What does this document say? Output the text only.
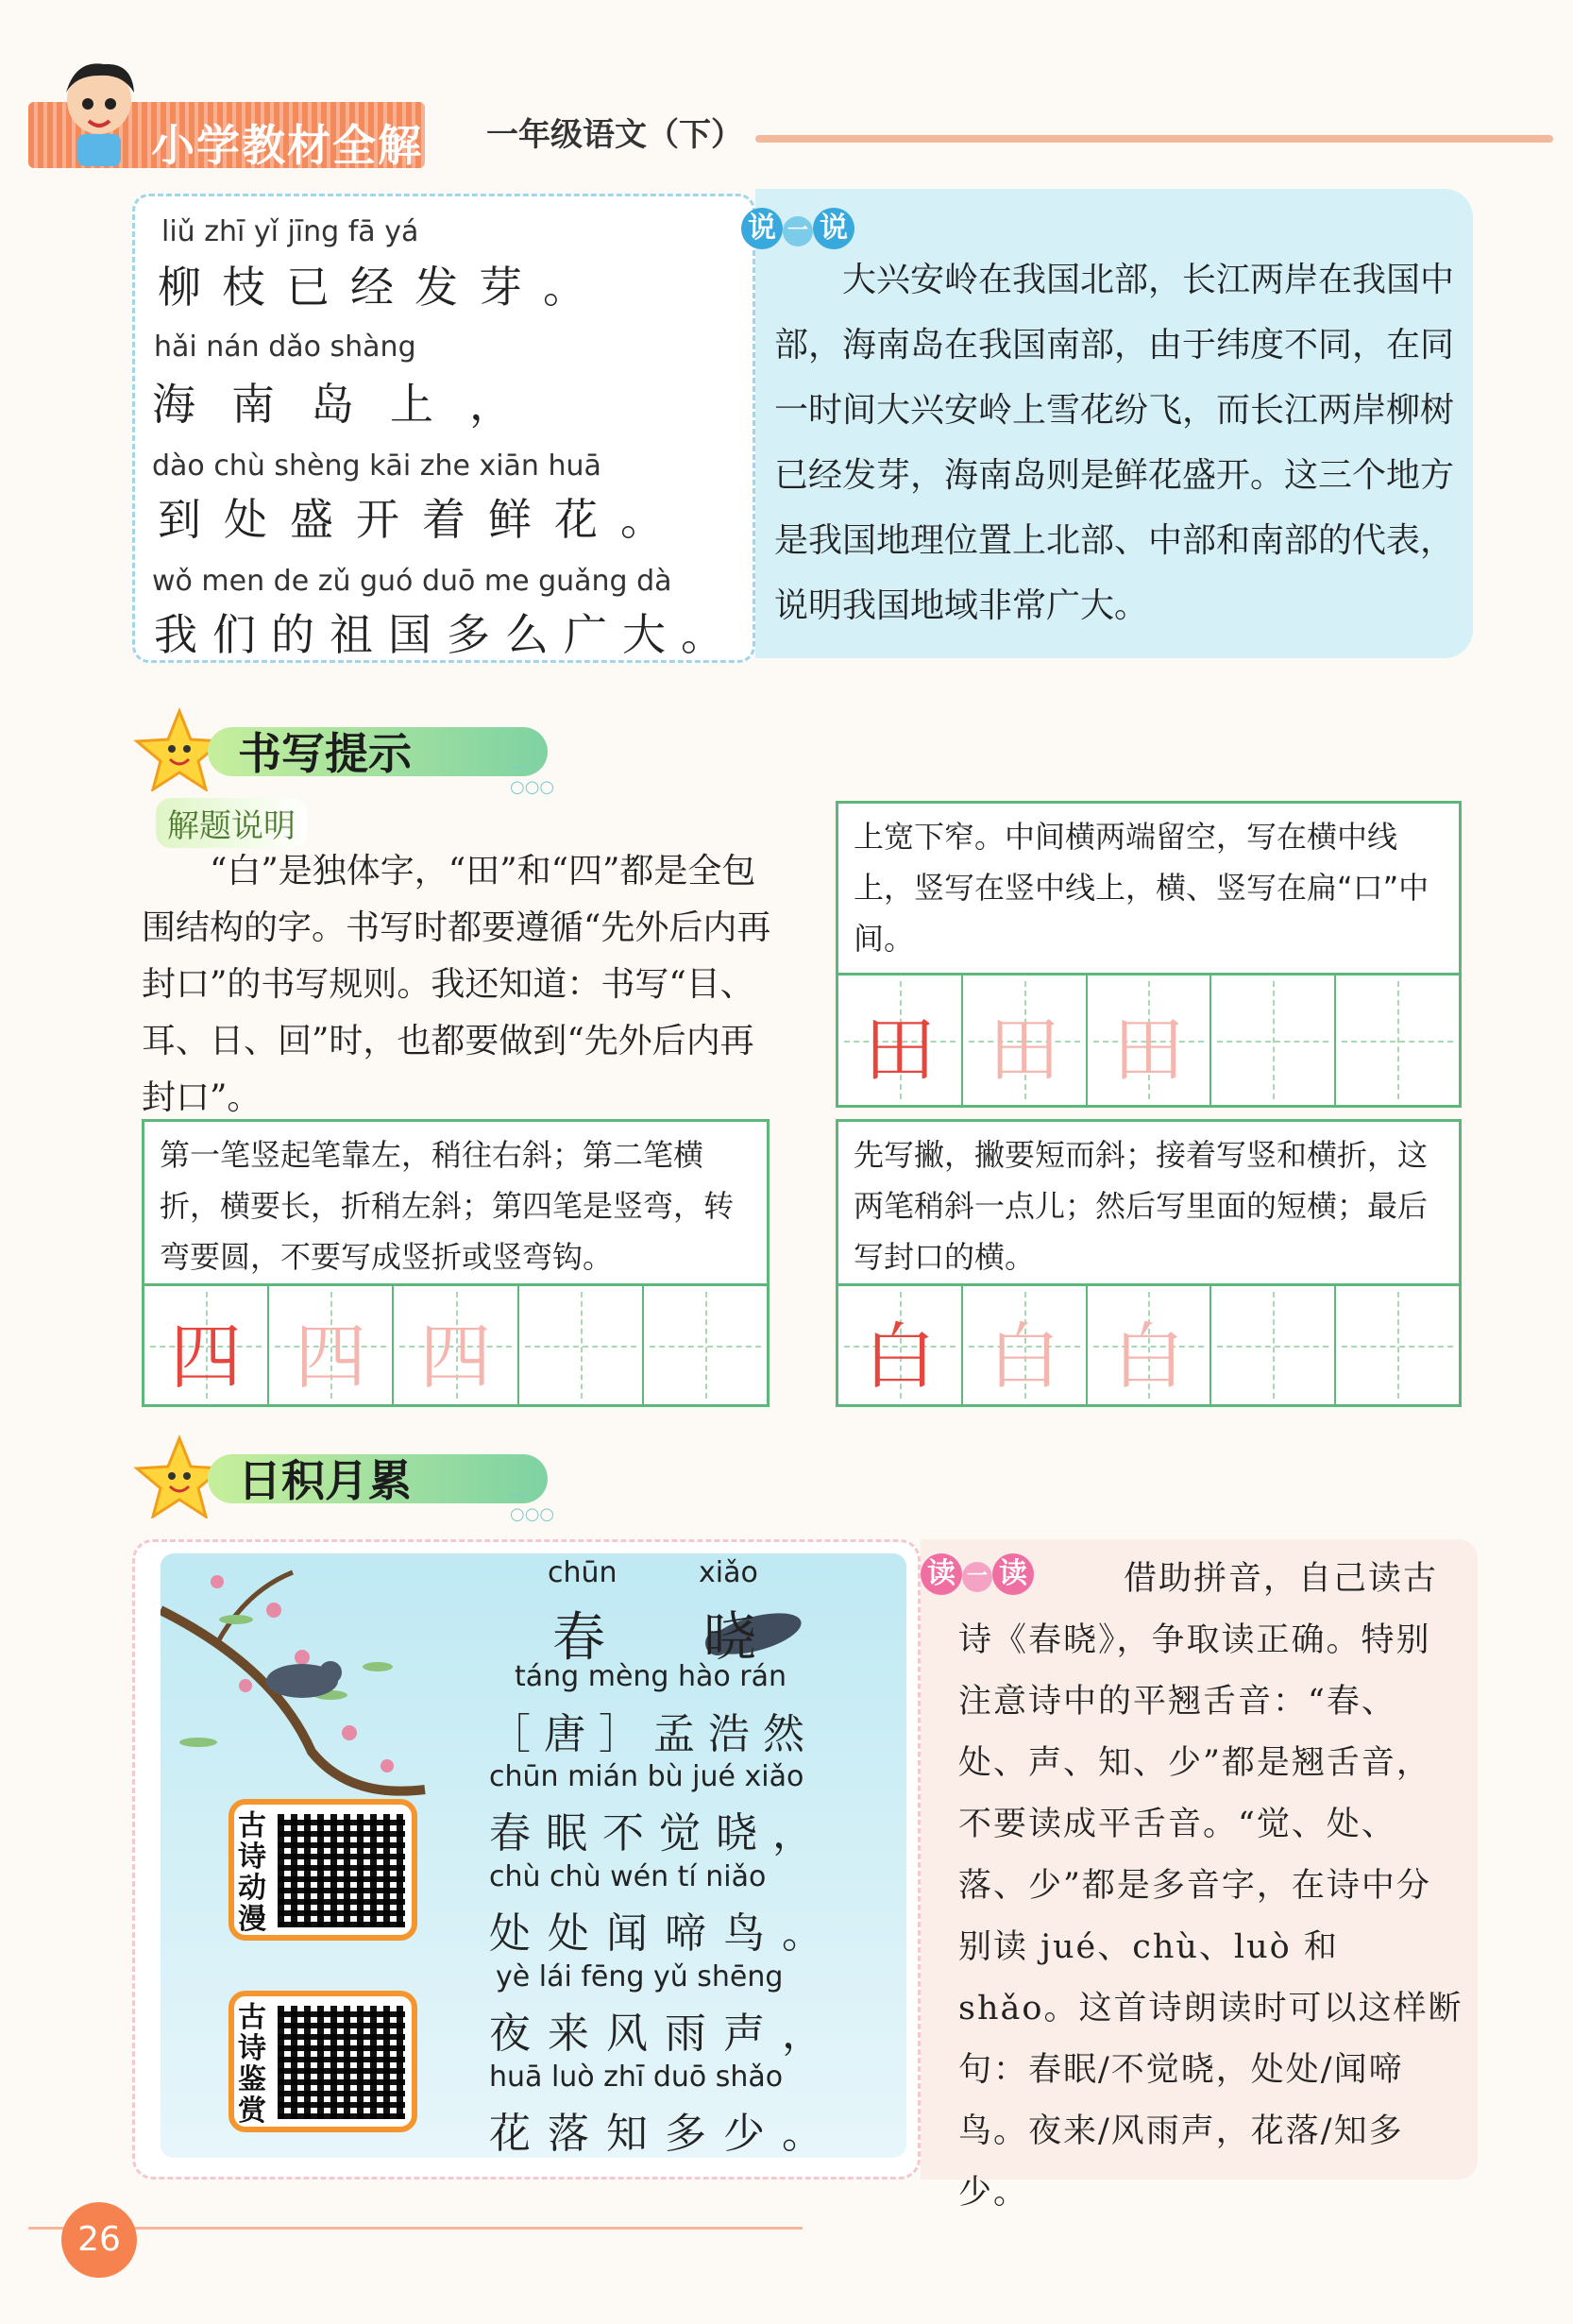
小学教材全解 一年级语文（下）
liǔ zhī yǐ jīng fā yá
柳枝已经发芽。
hǎi nán dǎo shàng
海南岛上，
dào chù shèng kāi zhe xiān huā
到处盛开着鲜花。
wǒ men de zǔ guó duō me guǎng dà
我们的祖国多么广大。
说 一 说
大兴安岭在我国北部，长江两岸在我国中部，海南岛在我国南部，由于纬度不同，在同一时间大兴安岭上雪花纷飞，而长江两岸柳树已经发芽，海南岛则是鲜花盛开。这三个地方是我国地理位置上北部、中部和南部的代表，说明我国地域非常广大。
书写提示	—○○○
解题说明
“白”是独体字，“田”和“四”都是全包围结构的字。书写时都要遵循“先外后内再封口”的书写规则。我还知道：书写“目、耳、日、回”时，也都要做到“先外后内再封口”。
上宽下窄。中间横两端留空，写在横中线上，竖写在竖中线上，横、竖写在扁“口”中间。
田 田 田
第一笔竖起笔靠左，稍往右斜；第二笔横折，横要长，折稍左斜；第四笔是竖弯，转弯要圆，不要写成竖折或竖弯钩。
四 四 四
先写撇，撇要短而斜；接着写竖和横折，这两笔稍斜一点儿；然后写里面的短横；最后写封口的横。
白 白 白
日积月累	—○○○
chūn	xiǎo
春 晓
táng mèng hào rán
［唐］孟浩然
chūn mián bù jué xiǎo
春眠不觉晓，
chù chù wén tí niǎo
处处闻啼鸟。
yè lái fēng yǔ shēng
夜来风雨声，
huā luò zhī duō shǎo
花落知多少。
古诗动漫
古诗鉴赏
读 一 读	借助拼音，自己读古诗《春晓》，争取读正确。特别注意诗中的平翘舌音：“春、处、声、知、少”都是翘舌音，不要读成平舌音。“觉、处、落、少”都是多音字，在诗中分别读 jué、chù、luò 和 shǎo。这首诗朗读时可以这样断句：春眠/不觉晓，处处/闻啼鸟。夜来/风雨声，花落/知多少。
26
